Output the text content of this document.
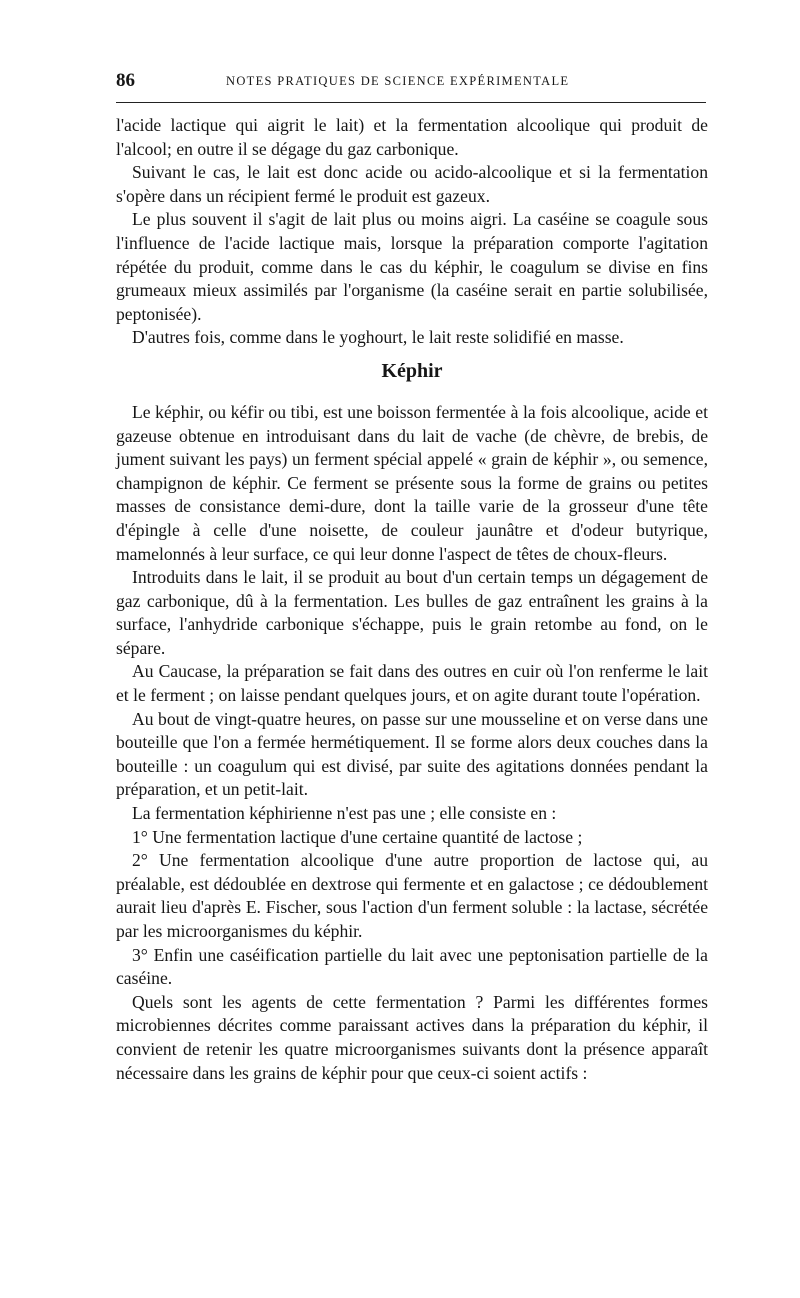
86	NOTES PRATIQUES DE SCIENCE EXPÉRIMENTALE

l'acide lactique qui aigrit le lait) et la fermentation alcoolique qui produit de l'alcool; en outre il se dégage du gaz carbonique.

Suivant le cas, le lait est donc acide ou acido-alcoolique et si la fermentation s'opère dans un récipient fermé le produit est gazeux.

Le plus souvent il s'agit de lait plus ou moins aigri. La caséine se coagule sous l'influence de l'acide lactique mais, lorsque la préparation comporte l'agitation répétée du produit, comme dans le cas du képhir, le coagulum se divise en fins grumeaux mieux assimilés par l'organisme (la caséine serait en partie solubilisée, peptonisée).

D'autres fois, comme dans le yoghourt, le lait reste solidifié en masse.

Képhir

Le képhir, ou kéfir ou tibi, est une boisson fermentée à la fois alcoolique, acide et gazeuse obtenue en introduisant dans du lait de vache (de chèvre, de brebis, de jument suivant les pays) un ferment spécial appelé « grain de képhir », ou semence, champignon de képhir. Ce ferment se présente sous la forme de grains ou petites masses de consistance demi-dure, dont la taille varie de la grosseur d'une tête d'épingle à celle d'une noisette, de couleur jaunâtre et d'odeur butyrique, mamelonnés à leur surface, ce qui leur donne l'aspect de têtes de choux-fleurs.

Introduits dans le lait, il se produit au bout d'un certain temps un dégagement de gaz carbonique, dû à la fermentation. Les bulles de gaz entraînent les grains à la surface, l'anhydride carbonique s'échappe, puis le grain retombe au fond, on le sépare.

Au Caucase, la préparation se fait dans des outres en cuir où l'on renferme le lait et le ferment ; on laisse pendant quelques jours, et on agite durant toute l'opération.

Au bout de vingt-quatre heures, on passe sur une mousseline et on verse dans une bouteille que l'on a fermée hermétiquement. Il se forme alors deux couches dans la bouteille : un coagulum qui est divisé, par suite des agitations données pendant la préparation, et un petit-lait.

La fermentation képhirienne n'est pas une ; elle consiste en :

1° Une fermentation lactique d'une certaine quantité de lactose ;

2° Une fermentation alcoolique d'une autre proportion de lactose qui, au préalable, est dédoublée en dextrose qui fermente et en galactose ; ce dédoublement aurait lieu d'après E. Fischer, sous l'action d'un ferment soluble : la lactase, sécrétée par les microorganismes du képhir.

3° Enfin une caséification partielle du lait avec une peptonisation partielle de la caséine.

Quels sont les agents de cette fermentation ? Parmi les différentes formes microbiennes décrites comme paraissant actives dans la préparation du képhir, il convient de retenir les quatre microorganismes suivants dont la présence apparaît nécessaire dans les grains de képhir pour que ceux-ci soient actifs :
